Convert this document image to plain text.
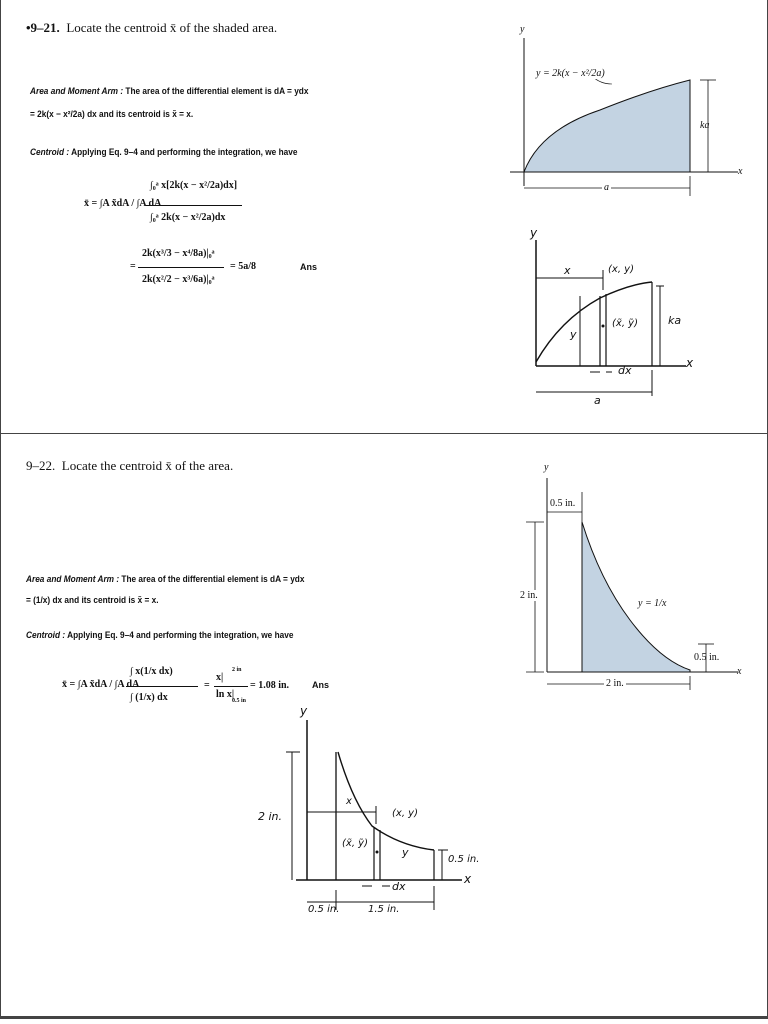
•9–21. Locate the centroid x̄ of the shaded area.
Area and Moment Arm : The area of the differential element is dA = ydx
= 2k(x − x²/2a) dx and its centroid is x̃ = x.
Centroid : Applying Eq. 9–4 and performing the integration, we have
x̄ = ∫A x̃dA / ∫A dA
∫₀ᵃ x[2k(x − x²/2a)dx]
∫₀ᵃ 2k(x − x²/2a)dx
2k(x³/3 − x⁴/8a)|₀ᵃ
=
2k(x²/2 − x³/6a)|₀ᵃ
= 5a/8	Ans
y
x
y = 2k(x − x²/2a)
ka
a
y
x
x	(x, y)
(x̃, ỹ)
y
ka
dx
a
9–22. Locate the centroid x̄ of the area.
Area and Moment Arm : The area of the differential element is dA = ydx
= (1/x) dx and its centroid is x̃ = x.
Centroid : Applying Eq. 9–4 and performing the integration, we have
x̄ = ∫A x̃dA / ∫A dA
∫ x(1/x dx)
∫ (1/x) dx
=
x|
ln x|
2 in
0.5 in
= 1.08 in.	Ans
y
x
0.5 in.
2 in.
y = 1/x
0.5 in.
2 in.
y
x
2 in.
x
(x, y)
(x̃, ỹ)
y
0.5 in.
dx
0.5 in.	1.5 in.
